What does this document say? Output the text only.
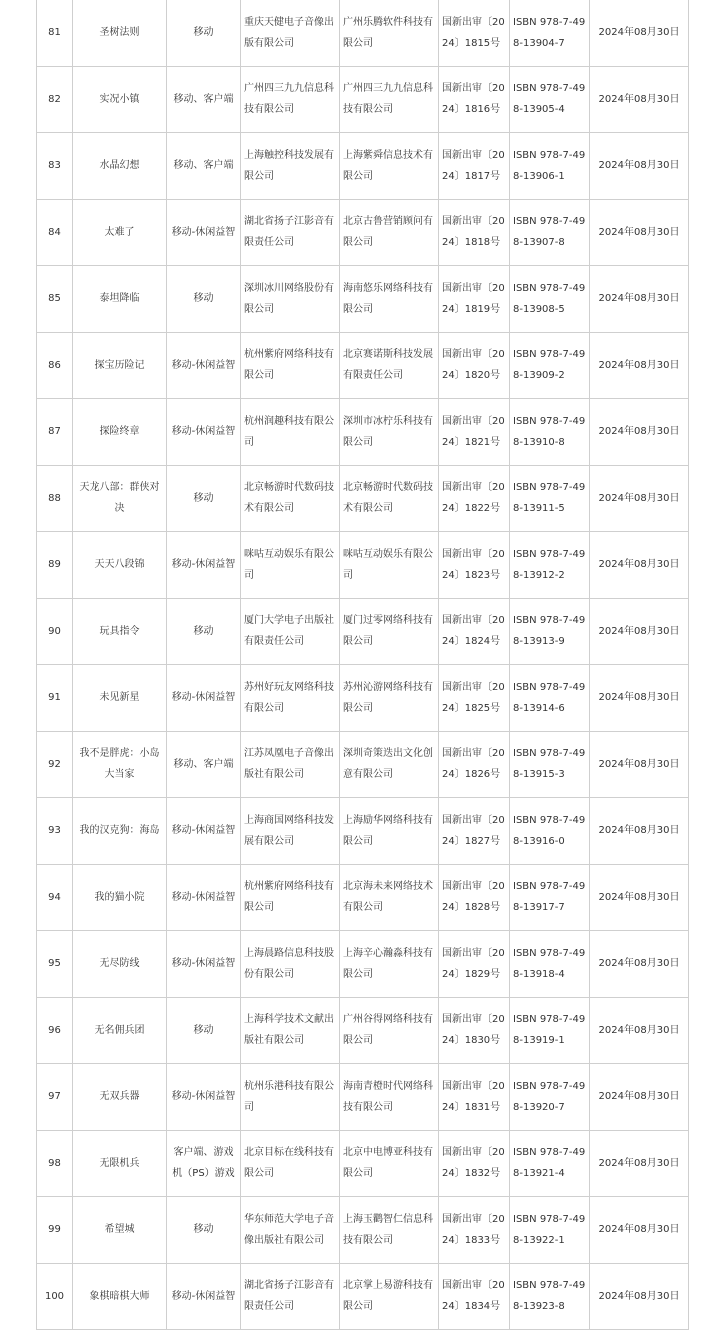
81	圣树法则	移动	重庆天健电子音像出版有限公司	广州乐腾软件科技有限公司	国新出审〔2024〕1815号	ISBN 978-7-498-13904-7	2024年08月30日
82	实况小镇	移动、客户端	广州四三九九信息科技有限公司	广州四三九九信息科技有限公司	国新出审〔2024〕1816号	ISBN 978-7-498-13905-4	2024年08月30日
83	水晶幻想	移动、客户端	上海触控科技发展有限公司	上海紫舜信息技术有限公司	国新出审〔2024〕1817号	ISBN 978-7-498-13906-1	2024年08月30日
84	太难了	移动-休闲益智	湖北省扬子江影音有限责任公司	北京古鲁营销顾问有限公司	国新出审〔2024〕1818号	ISBN 978-7-498-13907-8	2024年08月30日
85	泰坦降临	移动	深圳冰川网络股份有限公司	海南悠乐网络科技有限公司	国新出审〔2024〕1819号	ISBN 978-7-498-13908-5	2024年08月30日
86	探宝历险记	移动-休闲益智	杭州紫府网络科技有限公司	北京赛诺斯科技发展有限责任公司	国新出审〔2024〕1820号	ISBN 978-7-498-13909-2	2024年08月30日
87	探险终章	移动-休闲益智	杭州润趣科技有限公司	深圳市冰柠乐科技有限公司	国新出审〔2024〕1821号	ISBN 978-7-498-13910-8	2024年08月30日
88	天龙八部：群侠对决	移动	北京畅游时代数码技术有限公司	北京畅游时代数码技术有限公司	国新出审〔2024〕1822号	ISBN 978-7-498-13911-5	2024年08月30日
89	天天八段锦	移动-休闲益智	咪咕互动娱乐有限公司	咪咕互动娱乐有限公司	国新出审〔2024〕1823号	ISBN 978-7-498-13912-2	2024年08月30日
90	玩具指令	移动	厦门大学电子出版社有限责任公司	厦门过零网络科技有限公司	国新出审〔2024〕1824号	ISBN 978-7-498-13913-9	2024年08月30日
91	未见新星	移动-休闲益智	苏州好玩友网络科技有限公司	苏州沁游网络科技有限公司	国新出审〔2024〕1825号	ISBN 978-7-498-13914-6	2024年08月30日
92	我不是胖虎：小岛大当家	移动、客户端	江苏凤凰电子音像出版社有限公司	深圳奇策迭出文化创意有限公司	国新出审〔2024〕1826号	ISBN 978-7-498-13915-3	2024年08月30日
93	我的汉克狗：海岛	移动-休闲益智	上海商国网络科技发展有限公司	上海励华网络科技有限公司	国新出审〔2024〕1827号	ISBN 978-7-498-13916-0	2024年08月30日
94	我的猫小院	移动-休闲益智	杭州紫府网络科技有限公司	北京海未来网络技术有限公司	国新出审〔2024〕1828号	ISBN 978-7-498-13917-7	2024年08月30日
95	无尽防线	移动-休闲益智	上海晨路信息科技股份有限公司	上海辛心瀚淼科技有限公司	国新出审〔2024〕1829号	ISBN 978-7-498-13918-4	2024年08月30日
96	无名佣兵团	移动	上海科学技术文献出版社有限公司	广州谷得网络科技有限公司	国新出审〔2024〕1830号	ISBN 978-7-498-13919-1	2024年08月30日
97	无双兵器	移动-休闲益智	杭州乐港科技有限公司	海南青橙时代网络科技有限公司	国新出审〔2024〕1831号	ISBN 978-7-498-13920-7	2024年08月30日
98	无限机兵	客户端、游戏机（PS）游戏	北京目标在线科技有限公司	北京中电博亚科技有限公司	国新出审〔2024〕1832号	ISBN 978-7-498-13921-4	2024年08月30日
99	希望城	移动	华东师范大学电子音像出版社有限公司	上海玉鹳智仁信息科技有限公司	国新出审〔2024〕1833号	ISBN 978-7-498-13922-1	2024年08月30日
100	象棋暗棋大师	移动-休闲益智	湖北省扬子江影音有限责任公司	北京掌上易游科技有限公司	国新出审〔2024〕1834号	ISBN 978-7-498-13923-8	2024年08月30日
